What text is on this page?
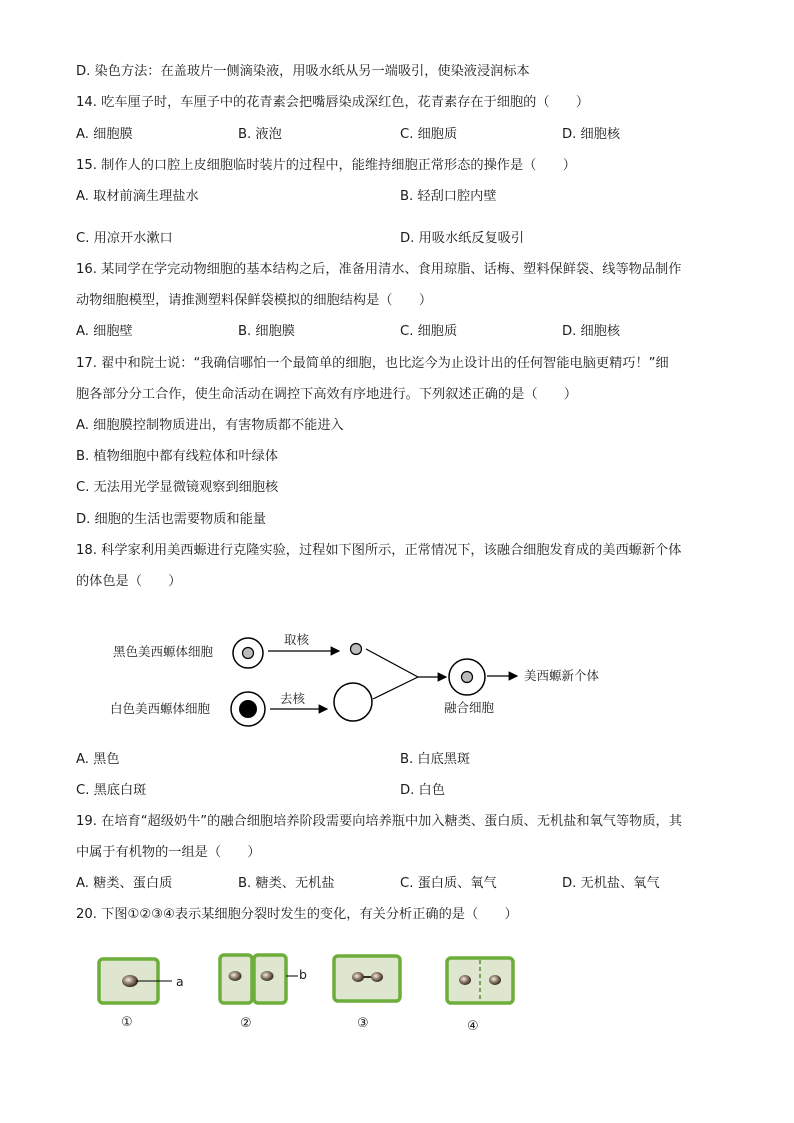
D. 染色方法：在盖玻片一侧滴染液，用吸水纸从另一端吸引，使染液浸润标本
14. 吃车厘子时，车厘子中的花青素会把嘴唇染成深红色，花青素存在于细胞的（　　）
A. 细胞膜	B. 液泡	C. 细胞质	D. 细胞核
15. 制作人的口腔上皮细胞临时装片的过程中，能维持细胞正常形态的操作是（　　）
A. 取材前滴生理盐水	B. 轻刮口腔内壁
C. 用凉开水漱口	D. 用吸水纸反复吸引
16. 某同学在学完动物细胞的基本结构之后，准备用清水、食用琼脂、话梅、塑料保鲜袋、线等物品制作
动物细胞模型，请推测塑料保鲜袋模拟的细胞结构是（　　）
A. 细胞壁	B. 细胞膜	C. 细胞质	D. 细胞核
17. 翟中和院士说：“我确信哪怕一个最简单的细胞，也比迄今为止设计出的任何智能电脑更精巧！”细
胞各部分分工合作，使生命活动在调控下高效有序地进行。下列叙述正确的是（　　）
A. 细胞膜控制物质进出，有害物质都不能进入
B. 植物细胞中都有线粒体和叶绿体
C. 无法用光学显微镜观察到细胞核
D. 细胞的生活也需要物质和能量
18. 科学家利用美西螈进行克隆实验，过程如下图所示，正常情况下，该融合细胞发育成的美西螈新个体
的体色是（　　）
黑色美西螈体细胞
白色美西螈体细胞
取核
去核
融合细胞
美西螈新个体
A. 黑色	B. 白底黑斑
C. 黑底白斑	D. 白色
19. 在培育“超级奶牛”的融合细胞培养阶段需要向培养瓶中加入糖类、蛋白质、无机盐和氧气等物质，其
中属于有机物的一组是（　　）
A. 糖类、蛋白质	B. 糖类、无机盐	C. 蛋白质、氧气	D. 无机盐、氧气
20. 下图①②③④表示某细胞分裂时发生的变化，有关分析正确的是（　　）
a	b
①	②	③	④
